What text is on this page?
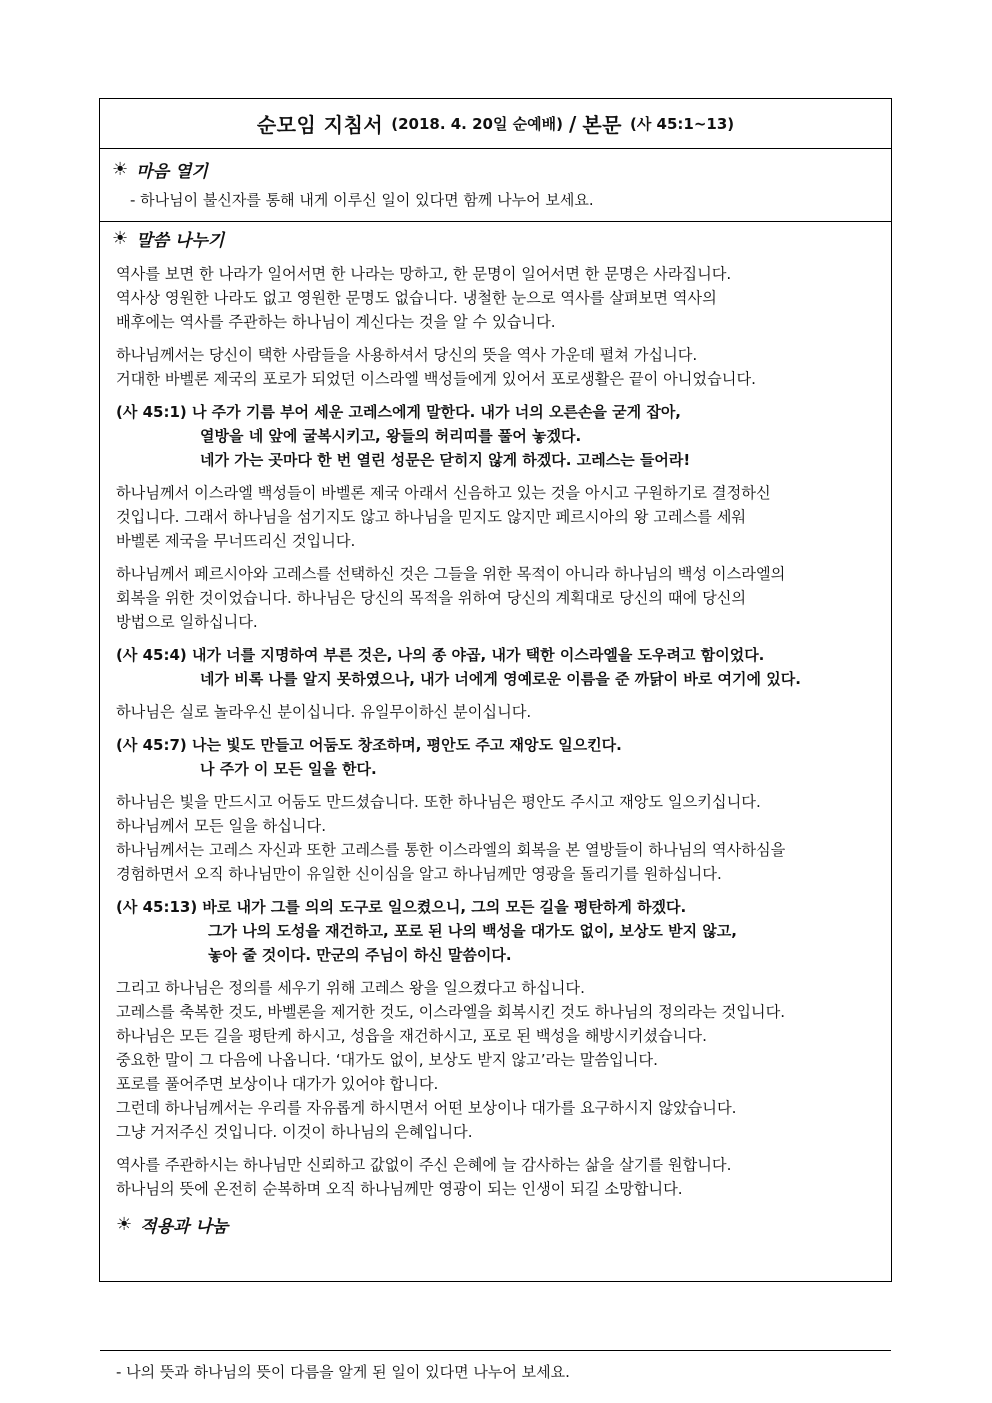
순모임 지침서 (2018. 4. 20일 순예배) / 본문 (사 45:1~13)
☀ 마음 열기
- 하나님이 불신자를 통해 내게 이루신 일이 있다면 함께 나누어 보세요.
☀ 말씀 나누기
역사를 보면 한 나라가 일어서면 한 나라는 망하고, 한 문명이 일어서면 한 문명은 사라집니다.
역사상 영원한 나라도 없고 영원한 문명도 없습니다. 냉철한 눈으로 역사를 살펴보면 역사의
배후에는 역사를 주관하는 하나님이 계신다는 것을 알 수 있습니다.
하나님께서는 당신이 택한 사람들을 사용하셔서 당신의 뜻을 역사 가운데 펼쳐 가십니다.
거대한 바벨론 제국의 포로가 되었던 이스라엘 백성들에게 있어서 포로생활은 끝이 아니었습니다.
(사 45:1) 나 주가 기름 부어 세운 고레스에게 말한다. 내가 너의 오른손을 굳게 잡아,
열방을 네 앞에 굴복시키고, 왕들의 허리띠를 풀어 놓겠다.
네가 가는 곳마다 한 번 열린 성문은 닫히지 않게 하겠다. 고레스는 들어라!
하나님께서 이스라엘 백성들이 바벨론 제국 아래서 신음하고 있는 것을 아시고 구원하기로 결정하신
것입니다. 그래서 하나님을 섬기지도 않고 하나님을 믿지도 않지만 페르시아의 왕 고레스를 세워
바벨론 제국을 무너뜨리신 것입니다.
하나님께서 페르시아와 고레스를 선택하신 것은 그들을 위한 목적이 아니라 하나님의 백성 이스라엘의
회복을 위한 것이었습니다. 하나님은 당신의 목적을 위하여 당신의 계획대로 당신의 때에 당신의
방법으로 일하십니다.
(사 45:4) 내가 너를 지명하여 부른 것은, 나의 종 야곱, 내가 택한 이스라엘을 도우려고 함이었다.
네가 비록 나를 알지 못하였으나, 내가 너에게 영예로운 이름을 준 까닭이 바로 여기에 있다.
하나님은 실로 놀라우신 분이십니다. 유일무이하신 분이십니다.
(사 45:7) 나는 빛도 만들고 어둠도 창조하며, 평안도 주고 재앙도 일으킨다.
나 주가 이 모든 일을 한다.
하나님은 빛을 만드시고 어둠도 만드셨습니다. 또한 하나님은 평안도 주시고 재앙도 일으키십니다.
하나님께서 모든 일을 하십니다.
하나님께서는 고레스 자신과 또한 고레스를 통한 이스라엘의 회복을 본 열방들이 하나님의 역사하심을
경험하면서 오직 하나님만이 유일한 신이심을 알고 하나님께만 영광을 돌리기를 원하십니다.
(사 45:13) 바로 내가 그를 의의 도구로 일으켰으니, 그의 모든 길을 평탄하게 하겠다.
그가 나의 도성을 재건하고, 포로 된 나의 백성을 대가도 없이, 보상도 받지 않고,
놓아 줄 것이다. 만군의 주님이 하신 말씀이다.
그리고 하나님은 정의를 세우기 위해 고레스 왕을 일으켰다고 하십니다.
고레스를 축복한 것도, 바벨론을 제거한 것도, 이스라엘을 회복시킨 것도 하나님의 정의라는 것입니다.
하나님은 모든 길을 평탄케 하시고, 성읍을 재건하시고, 포로 된 백성을 해방시키셨습니다.
중요한 말이 그 다음에 나옵니다. ‘대가도 없이, 보상도 받지 않고’라는 말씀입니다.
포로를 풀어주면 보상이나 대가가 있어야 합니다.
그런데 하나님께서는 우리를 자유롭게 하시면서 어떤 보상이나 대가를 요구하시지 않았습니다.
그냥 거저주신 것입니다. 이것이 하나님의 은혜입니다.
역사를 주관하시는 하나님만 신뢰하고 값없이 주신 은혜에 늘 감사하는 삶을 살기를 원합니다.
하나님의 뜻에 온전히 순복하며 오직 하나님께만 영광이 되는 인생이 되길 소망합니다.
☀ 적용과 나눔
- 나의 뜻과 하나님의 뜻이 다름을 알게 된 일이 있다면 나누어 보세요.
